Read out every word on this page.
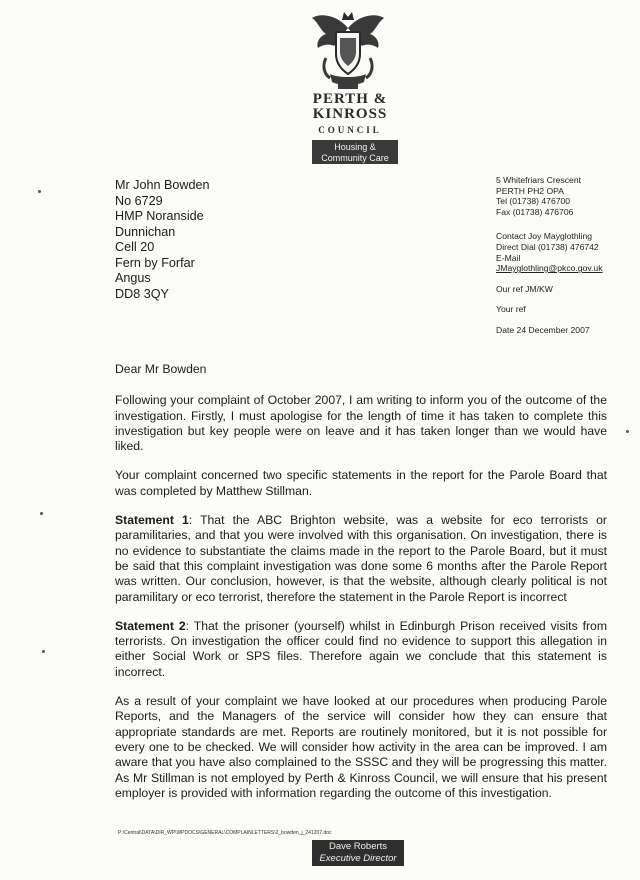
PERTH &
KINROSS
COUNCIL
Housing &
Community Care
Mr John Bowden
No 6729
HMP Noranside
Dunnichan
Cell 20
Fern by Forfar
Angus
DD8 3QY
5 Whitefriars Crescent
PERTH PH2 OPA
Tel (01738) 476700
Fax (01738) 476706
Contact Joy Mayglothling
Direct Dial (01738) 476742
E-Mail
JMayglothling@pkco.gov.uk
Our ref JM/KW
Your ref
Date 24 December 2007

Dear Mr Bowden

Following your complaint of October 2007, I am writing to inform you of the outcome of the investigation. Firstly, I must apologise for the length of time it has taken to complete this investigation but key people were on leave and it has taken longer than we would have liked.

Your complaint concerned two specific statements in the report for the Parole Board that was completed by Matthew Stillman.

Statement 1: That the ABC Brighton website, was a website for eco terrorists or paramilitaries, and that you were involved with this organisation. On investigation, there is no evidence to substantiate the claims made in the report to the Parole Board, but it must be said that this complaint investigation was done some 6 months after the Parole Report was written. Our conclusion, however, is that the website, although clearly political is not paramilitary or eco terrorist, therefore the statement in the Parole Report is incorrect

Statement 2: That the prisoner (yourself) whilst in Edinburgh Prison received visits from terrorists. On investigation the officer could find no evidence to support this allegation in either Social Work or SPS files. Therefore again we conclude that this statement is incorrect.

As a result of your complaint we have looked at our procedures when producing Parole Reports, and the Managers of the service will consider how they can ensure that appropriate standards are met. Reports are routinely monitored, but it is not possible for every one to be checked. We will consider how activity in the area can be improved. I am aware that you have also complained to the SSSC and they will be progressing this matter. As Mr Stillman is not employed by Perth & Kinross Council, we will ensure that his present employer is provided with information regarding the outcome of this investigation.

P:\Central\DATA\DIR_WP\WPDOCS\GENERAL\COMPLAINLETTERS\2_bowden_j_241207.doc
Dave Roberts
Executive Director
